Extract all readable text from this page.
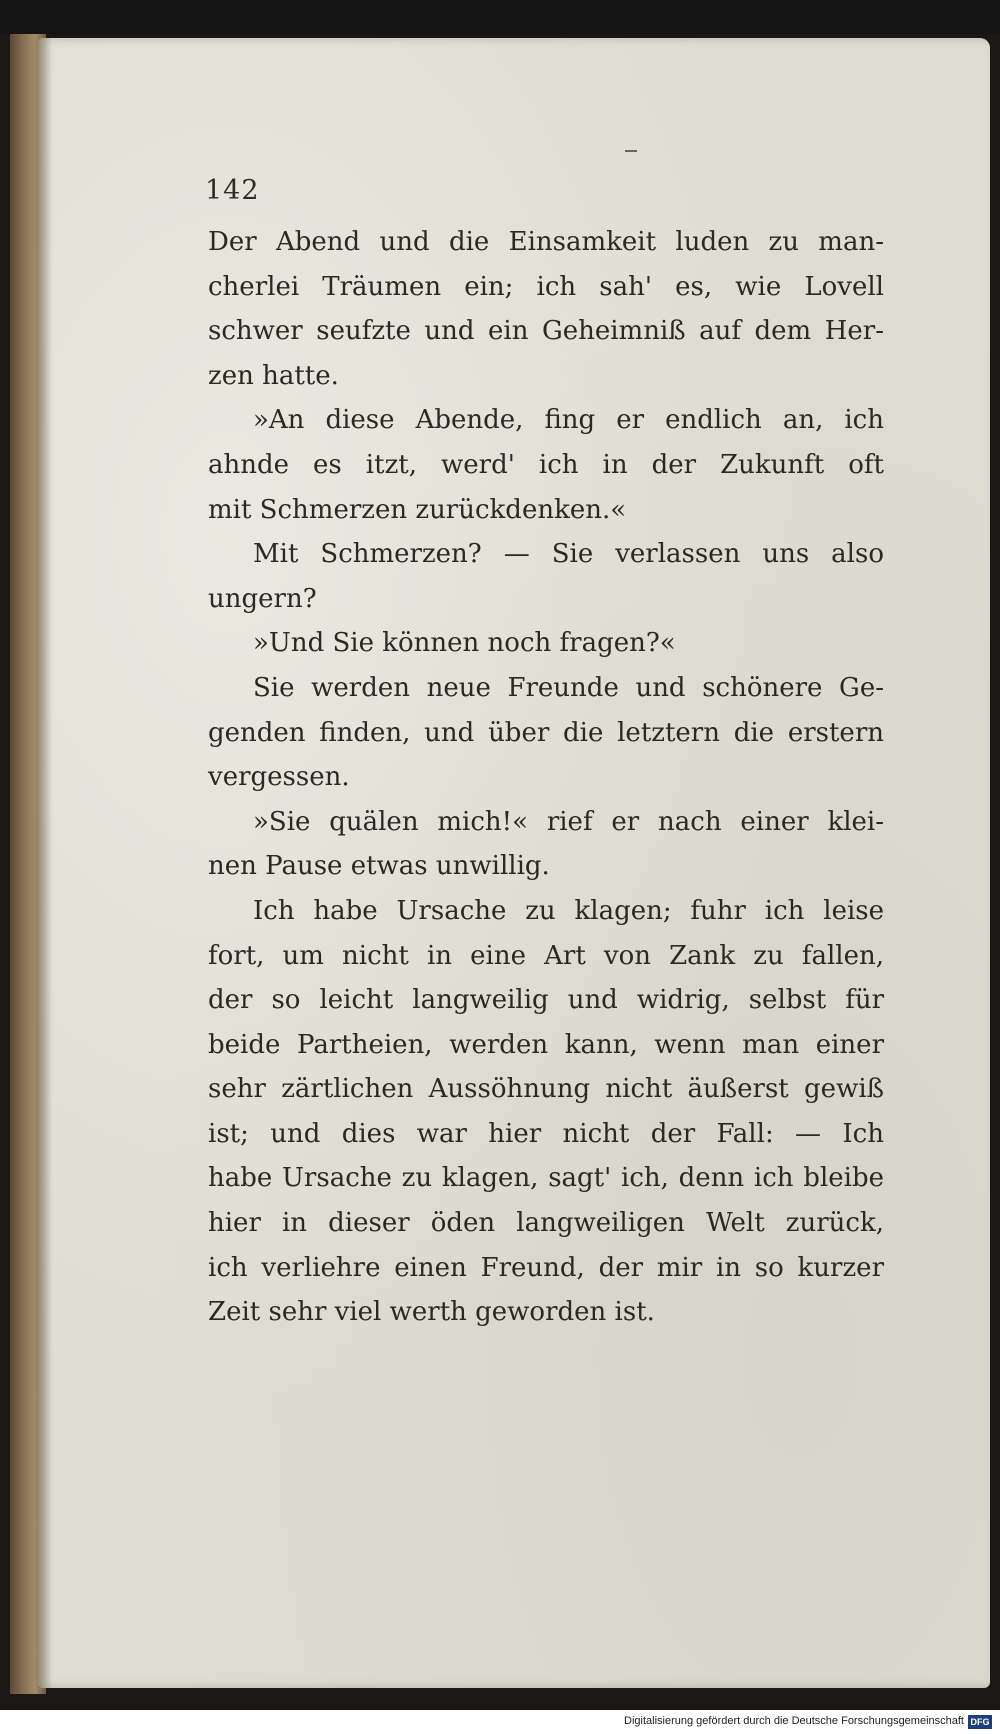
142
Der Abend und die Einsamkeit luden zu man-
cherlei Träumen ein; ich sah' es, wie Lovell
schwer seufzte und ein Geheimniß auf dem Her-
zen hatte.
»An diese Abende, fing er endlich an, ich
ahnde es itzt, werd' ich in der Zukunft oft
mit Schmerzen zurückdenken.«
Mit Schmerzen? — Sie verlassen uns also
ungern?
»Und Sie können noch fragen?«
Sie werden neue Freunde und schönere Ge-
genden finden, und über die letztern die erstern
vergessen.
»Sie quälen mich!« rief er nach einer klei-
nen Pause etwas unwillig.
Ich habe Ursache zu klagen; fuhr ich leise
fort, um nicht in eine Art von Zank zu fallen,
der so leicht langweilig und widrig, selbst für
beide Partheien, werden kann, wenn man einer
sehr zärtlichen Aussöhnung nicht äußerst gewiß
ist; und dies war hier nicht der Fall: — Ich
habe Ursache zu klagen, sagt' ich, denn ich bleibe
hier in dieser öden langweiligen Welt zurück,
ich verliehre einen Freund, der mir in so kurzer
Zeit sehr viel werth geworden ist.
Digitalisierung gefördert durch die Deutsche Forschungsgemeinschaft DFG
